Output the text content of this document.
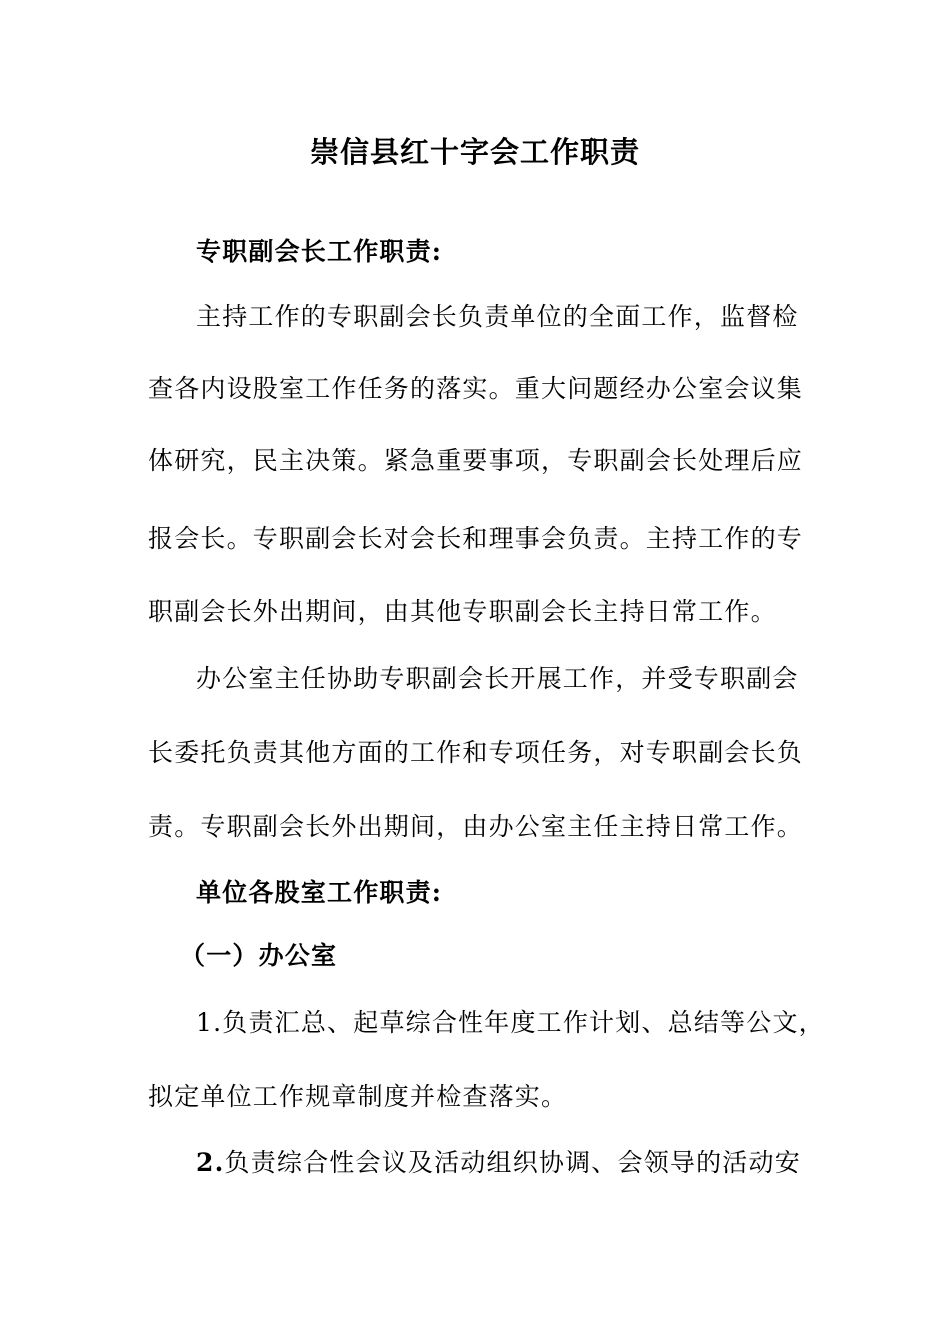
崇信县红十字会工作职责
专职副会长工作职责:
主持工作的专职副会长负责单位的全面工作，监督检
查各内设股室工作任务的落实。重大问题经办公室会议集
体研究，民主决策。紧急重要事项，专职副会长处理后应
报会长。专职副会长对会长和理事会负责。主持工作的专
职副会长外出期间，由其他专职副会长主持日常工作。
办公室主任协助专职副会长开展工作，并受专职副会
长委托负责其他方面的工作和专项任务，对专职副会长负
责。专职副会长外出期间，由办公室主任主持日常工作。
单位各股室工作职责:
（一）办公室
1.负责汇总、起草综合性年度工作计划、总结等公文，
拟定单位工作规章制度并检查落实。
2.负责综合性会议及活动组织协调、会领导的活动安
